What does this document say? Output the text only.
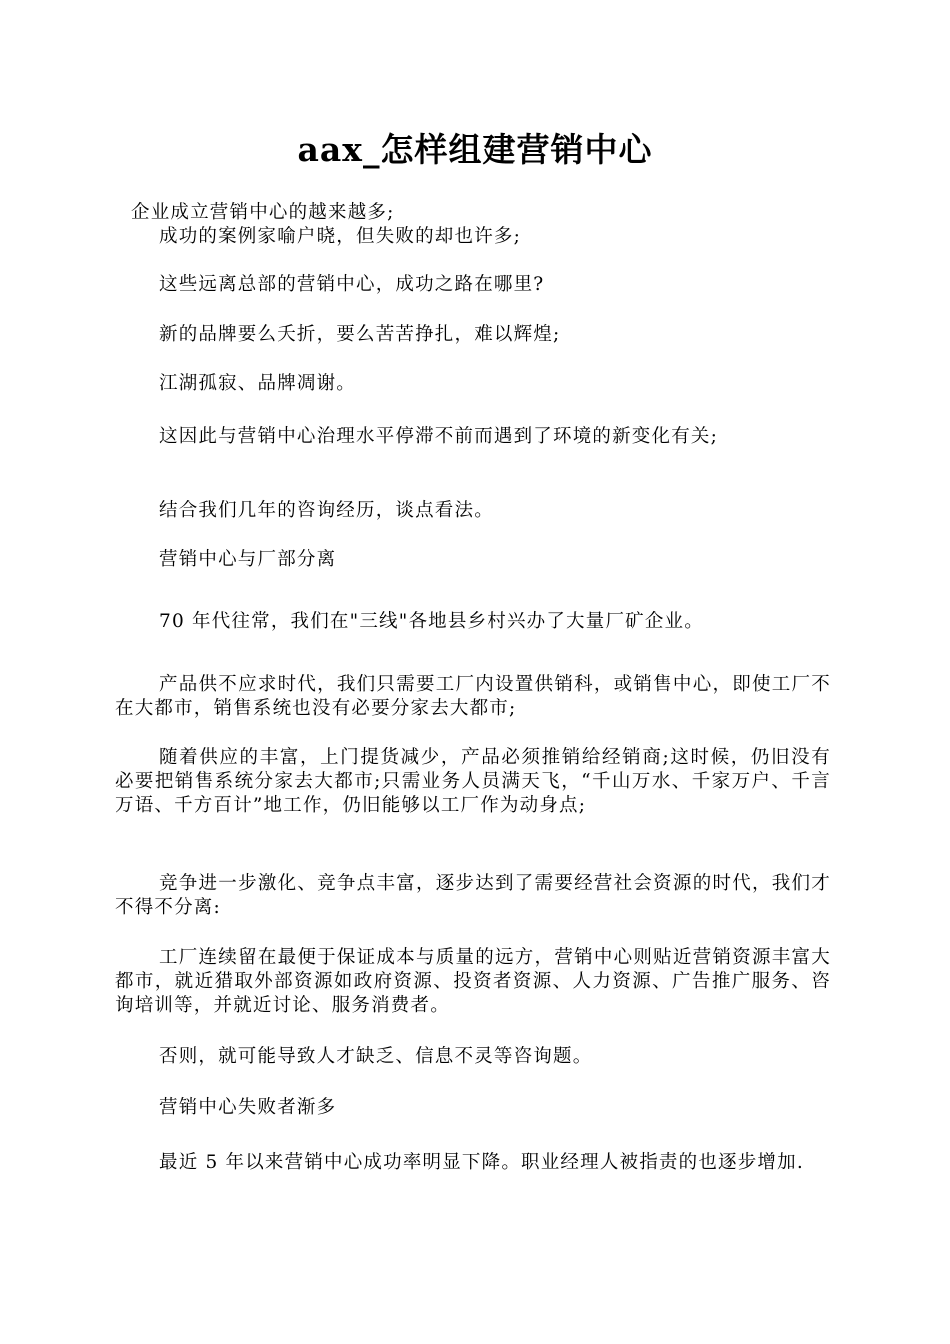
aax_怎样组建营销中心

企业成立营销中心的越来越多;

成功的案例家喻户晓，但失败的却也许多;

这些远离总部的营销中心，成功之路在哪里?

新的品牌要么夭折，要么苦苦挣扎，难以辉煌;

江湖孤寂、品牌凋谢。

这因此与营销中心治理水平停滞不前而遇到了环境的新变化有关;

结合我们几年的咨询经历，谈点看法。

营销中心与厂部分离

70 年代往常，我们在"三线"各地县乡村兴办了大量厂矿企业。

产品供不应求时代，我们只需要工厂内设置供销科，或销售中心，即使工厂不在大都市，销售系统也没有必要分家去大都市;

随着供应的丰富，上门提货减少，产品必须推销给经销商;这时候，仍旧没有必要把销售系统分家去大都市;只需业务人员满天飞，“千山万水、千家万户、千言万语、千方百计”地工作，仍旧能够以工厂作为动身点;

竞争进一步激化、竞争点丰富，逐步达到了需要经营社会资源的时代，我们才不得不分离:

工厂连续留在最便于保证成本与质量的远方，营销中心则贴近营销资源丰富大都市，就近猎取外部资源如政府资源、投资者资源、人力资源、广告推广服务、咨询培训等，并就近讨论、服务消费者。

否则，就可能导致人才缺乏、信息不灵等咨询题。

营销中心失败者渐多

最近 5 年以来营销中心成功率明显下降。职业经理人被指责的也逐步增加.
